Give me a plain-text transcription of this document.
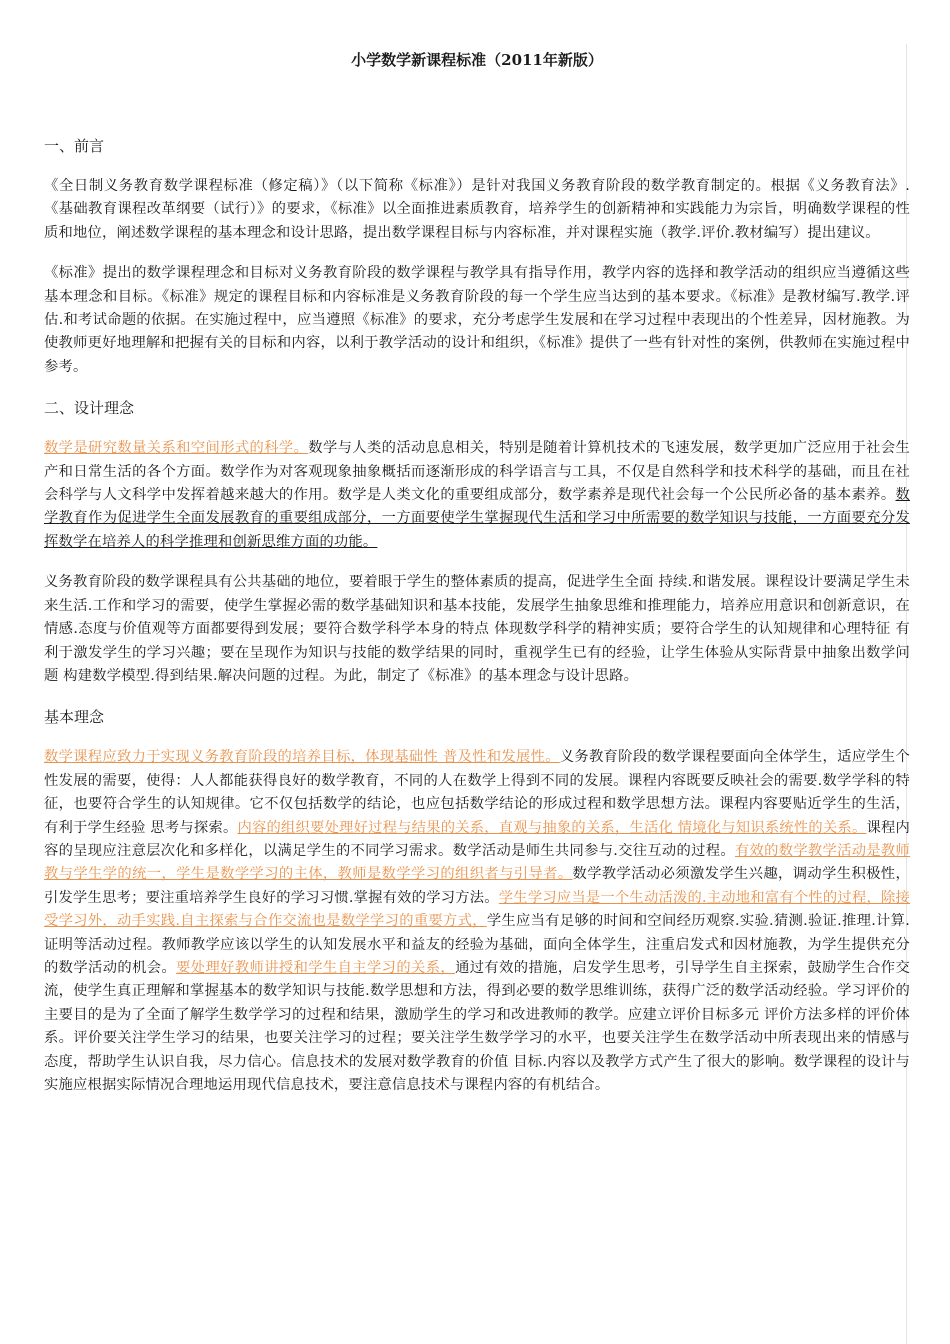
小学数学新课程标准（2011年新版）
一、前言

《全日制义务教育数学课程标准（修定稿）》（以下简称《标准》）是针对我国义务教育阶段的数学教育制定的。根据《义务教育法》.《基础教育课程改革纲要（试行）》的要求，《标准》以全面推进素质教育，培养学生的创新精神和实践能力为宗旨，明确数学课程的性质和地位，阐述数学课程的基本理念和设计思路，提出数学课程目标与内容标准，并对课程实施（教学.评价.教材编写）提出建议。

《标准》提出的数学课程理念和目标对义务教育阶段的数学课程与教学具有指导作用，教学内容的选择和教学活动的组织应当遵循这些基本理念和目标。《标准》规定的课程目标和内容标准是义务教育阶段的每一个学生应当达到的基本要求。《标准》是教材编写.教学.评估.和考试命题的依据。在实施过程中，应当遵照《标准》的要求，充分考虑学生发展和在学习过程中表现出的个性差异，因材施教。为使教师更好地理解和把握有关的目标和内容，以利于教学活动的设计和组织，《标准》提供了一些有针对性的案例，供教师在实施过程中参考。

二、设计理念

数学是研究数量关系和空间形式的科学。数学与人类的活动息息相关，特别是随着计算机技术的飞速发展，数学更加广泛应用于社会生产和日常生活的各个方面。数学作为对客观现象抽象概括而逐渐形成的科学语言与工具，不仅是自然科学和技术科学的基础，而且在社会科学与人文科学中发挥着越来越大的作用。数学是人类文化的重要组成部分，数学素养是现代社会每一个公民所必备的基本素养。数学教育作为促进学生全面发展教育的重要组成部分，一方面要使学生掌握现代生活和学习中所需要的数学知识与技能，一方面要充分发挥数学在培养人的科学推理和创新思维方面的功能。

义务教育阶段的数学课程具有公共基础的地位，要着眼于学生的整体素质的提高，促进学生全面 持续.和谐发展。课程设计要满足学生未来生活.工作和学习的需要，使学生掌握必需的数学基础知识和基本技能，发展学生抽象思维和推理能力，培养应用意识和创新意识，在情感.态度与价值观等方面都要得到发展；要符合数学科学本身的特点 体现数学科学的精神实质；要符合学生的认知规律和心理特征 有利于激发学生的学习兴趣；要在呈现作为知识与技能的数学结果的同时，重视学生已有的经验，让学生体验从实际背景中抽象出数学问题 构建数学模型.得到结果.解决问题的过程。为此，制定了《标准》的基本理念与设计思路。

基本理念

数学课程应致力于实现义务教育阶段的培养目标，体现基础性 普及性和发展性。义务教育阶段的数学课程要面向全体学生，适应学生个性发展的需要，使得：人人都能获得良好的数学教育，不同的人在数学上得到不同的发展。课程内容既要反映社会的需要.数学学科的特征，也要符合学生的认知规律。它不仅包括数学的结论，也应包括数学结论的形成过程和数学思想方法。课程内容要贴近学生的生活，有利于学生经验 思考与探索。内容的组织要处理好过程与结果的关系，直观与抽象的关系，生活化 情境化与知识系统性的关系。课程内容的呈现应注意层次化和多样化，以满足学生的不同学习需求。数学活动是师生共同参与.交往互动的过程。有效的数学教学活动是教师教与学生学的统一，学生是数学学习的主体，教师是数学学习的组织者与引导者。数学教学活动必须激发学生兴趣，调动学生积极性，引发学生思考；要注重培养学生良好的学习习惯.掌握有效的学习方法。学生学习应当是一个生动活泼的.主动地和富有个性的过程，除接受学习外，动手实践.自主探索与合作交流也是数学学习的重要方式，学生应当有足够的时间和空间经历观察.实验.猜测.验证.推理.计算.证明等活动过程。教师教学应该以学生的认知发展水平和益友的经验为基础，面向全体学生，注重启发式和因材施教，为学生提供充分的数学活动的机会。要处理好教师讲授和学生自主学习的关系，通过有效的措施，启发学生思考，引导学生自主探索，鼓励学生合作交流，使学生真正理解和掌握基本的数学知识与技能.数学思想和方法，得到必要的数学思维训练，获得广泛的数学活动经验。学习评价的主要目的是为了全面了解学生数学学习的过程和结果，激励学生的学习和改进教师的教学。应建立评价目标多元 评价方法多样的评价体系。评价要关注学生学习的结果，也要关注学习的过程；要关注学生数学学习的水平，也要关注学生在数学活动中所表现出来的情感与态度，帮助学生认识自我，尽力信心。信息技术的发展对数学教育的价值 目标.内容以及教学方式产生了很大的影响。数学课程的设计与实施应根据实际情况合理地运用现代信息技术，要注意信息技术与课程内容的有机结合。
